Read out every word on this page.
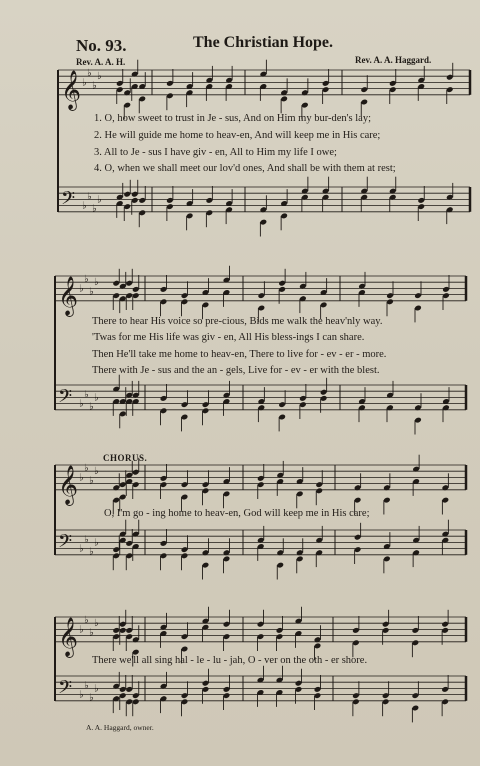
No. 93.	The Christian Hope.
Rev. A. A. H.	Rev. A. A. Haggard.
𝄞 ♭
♭
♭
♭
𝄢 ♭
♭
♭
♭
𝄞 ♭
♭
♭
♭
𝄢 ♭
♭
♭
♭
𝄞 ♭
♭
♭
♭
𝄢 ♭
♭
♭
♭
𝄞 ♭
♭
♭
♭
𝄢 ♭
♭
♭
♭
1. O, how sweet to trust in Je - sus, And on Him my bur-den's lay;
2. He will guide me home to heav-en, And will keep me in His care;
3. All to Je - sus I have giv - en, All to Him my life I owe;
4. O, when we shall meet our lov'd ones, And shall be with them at rest;
There to hear His voice so pre-cious, Bids me walk the heav'nly way.
'Twas for me His life was giv - en, All His bless-ings I can share.
Then He'll take me home to heav-en, There to live for - ev - er - more.
There with Je - sus and the an - gels, Live for - ev - er with the blest.
CHORUS.
O, I'm go - ing home to heav-en, God will keep me in His care;
There we'll all sing hal - le - lu - jah, O - ver on the oth - er shore.
A. A. Haggard, owner.
